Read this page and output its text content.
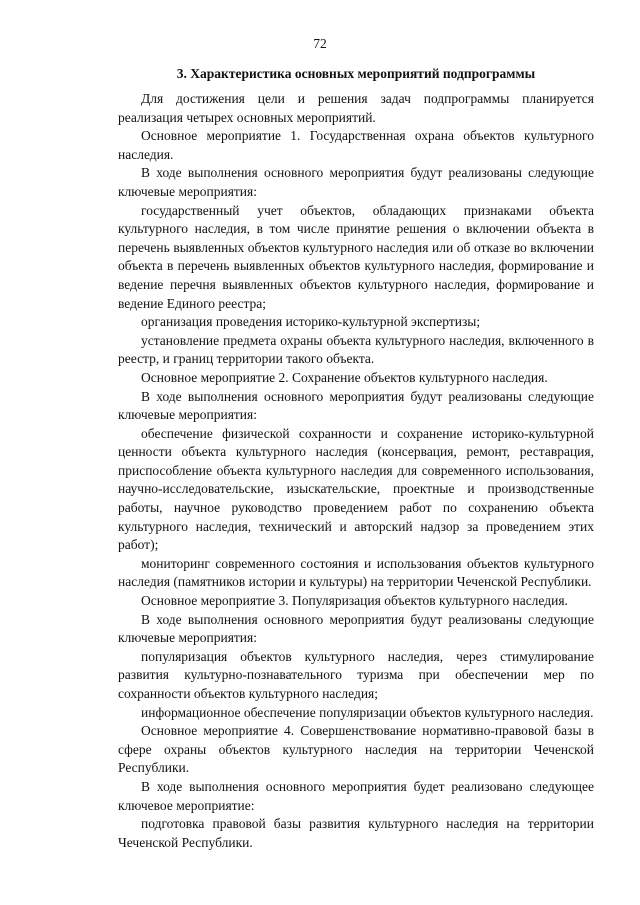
72
3. Характеристика основных мероприятий подпрограммы

Для достижения цели и решения задач подпрограммы планируется реализация четырех основных мероприятий.

Основное мероприятие 1. Государственная охрана объектов культурного наследия.

В ходе выполнения основного мероприятия будут реализованы следующие ключевые мероприятия:

государственный учет объектов, обладающих признаками объекта культурного наследия, в том числе принятие решения о включении объекта в перечень выявленных объектов культурного наследия или об отказе во включении объекта в перечень выявленных объектов культурного наследия, формирование и ведение перечня выявленных объектов культурного наследия, формирование и ведение Единого реестра;

организация проведения историко-культурной экспертизы;

установление предмета охраны объекта культурного наследия, включенного в реестр, и границ территории такого объекта.

Основное мероприятие 2. Сохранение объектов культурного наследия.

В ходе выполнения основного мероприятия будут реализованы следующие ключевые мероприятия:

обеспечение физической сохранности и сохранение историко-культурной ценности объекта культурного наследия (консервация, ремонт, реставрация, приспособление объекта культурного наследия для современного использования, научно-исследовательские, изыскательские, проектные и производственные работы, научное руководство проведением работ по сохранению объекта культурного наследия, технический и авторский надзор за проведением этих работ);

мониторинг современного состояния и использования объектов культурного наследия (памятников истории и культуры) на территории Чеченской Республики.

Основное мероприятие 3. Популяризация объектов культурного наследия.

В ходе выполнения основного мероприятия будут реализованы следующие ключевые мероприятия:

популяризация объектов культурного наследия, через стимулирование развития культурно-познавательного туризма при обеспечении мер по сохранности объектов культурного наследия;

информационное обеспечение популяризации объектов культурного наследия.

Основное мероприятие 4. Совершенствование нормативно-правовой базы в сфере охраны объектов культурного наследия на территории Чеченской Республики.

В ходе выполнения основного мероприятия будет реализовано следующее ключевое мероприятие:

подготовка правовой базы развития культурного наследия на территории Чеченской Республики.
